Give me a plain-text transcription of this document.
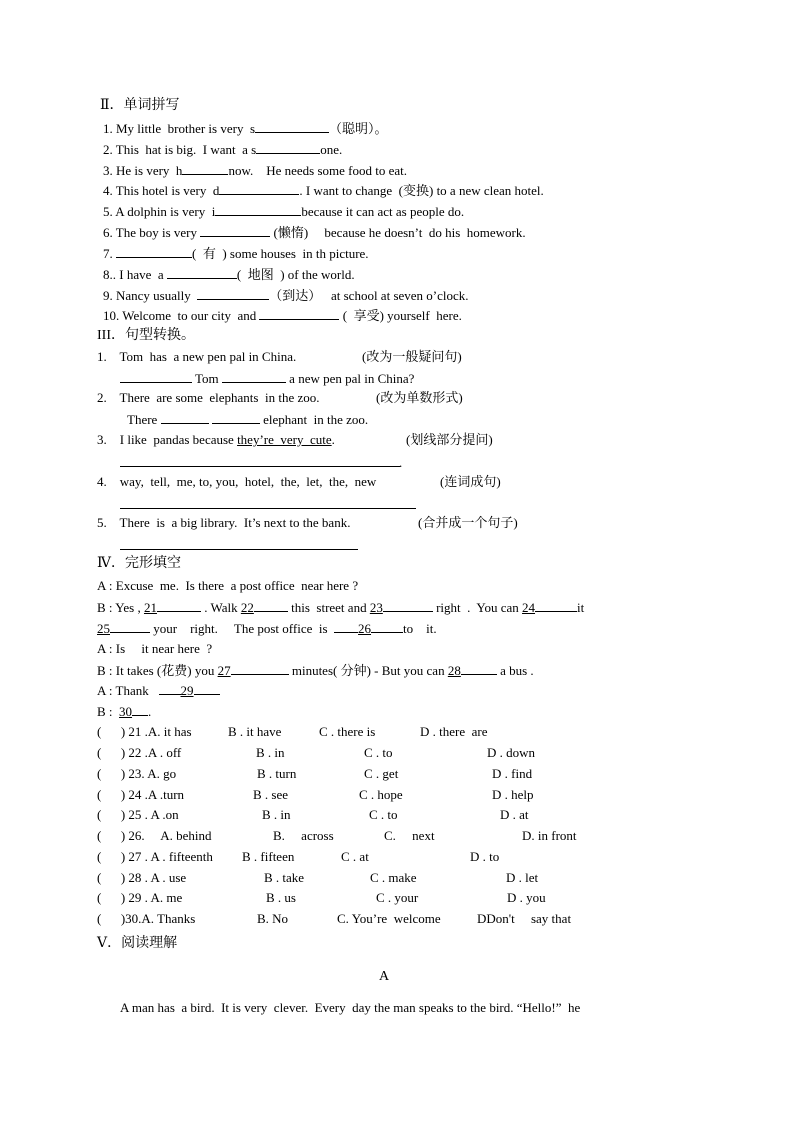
Ⅱ．单词拼写
1. My little  brother is very  s	（聪明）。
2. This  hat is big.  I want  a s	one.
3. He is very  h	now.    He needs some food to eat.
4. This hotel is very  d	. I want to change  (变换) to a new clean hotel.
5. A dolphin is very  i	because it can act as people do.
6. The boy is very	(懒惰)     because he doesn’t  do his  homework.
7.	(  有  ) some houses  in th picture.
8.. I have  a	(  地图  ) of the world.
9. Nancy usually	（到达）   at school at seven o’clock.
10. Welcome  to our city  and	(  享受) yourself  here.
III．句型转换。
1.    Tom  has  a new pen pal in China.	(改为一般疑问句)
Tom	a new pen pal in China?
2.    There  are some  elephants  in the zoo.	(改为单数形式)
There	elephant  in the zoo.
3.    I like  pandas because they’re  very  cute.	(划线部分提问)
.
4.    way,  tell,  me, to, you,  hotel,  the,  let,  the,  new	(连词成句)
5.    There  is  a big library.  It’s next to the bank.	(合并成一个句子)
Ⅳ．完形填空
A : Excuse  me.  Is there  a post office  near here ?
B : Yes , 21	. Walk 22	this  street and 23	right  .  You can 24	it
25	your    right.     The post office  is  26 to    it.
A : Is     it near here  ?
B : It takes (花费) you 27	minutes( 分钟) - But you can 28	a bus .
A : Thank 29
B :  30 .
(      ) 21 .A. it has	B . it have	C . there is	D . there  are
(      ) 22 .A . off	B . in	C . to	D . down
(      ) 23. A. go	B . turn	C . get	D . find
(      ) 24 .A .turn	B . see	C . hope	D . help
(      ) 25 . A .on	B . in	C . to	D . at
(      ) 26.     A. behind	B.     across	C.     next	D. in front
(      ) 27 . A . fifteenth B . fifteen	C . at	D . to
(      ) 28 . A . use	B . take	C . make	D . let
(      ) 29 . A. me	B . us	C . your	D . you
(      )30.A. Thanks	B. No	C. You’re  welcome	DDon't     say that
Ⅴ．阅读理解
A
A man has  a bird.  It is very  clever.  Every  day the man speaks to the bird. “Hello!”  he
